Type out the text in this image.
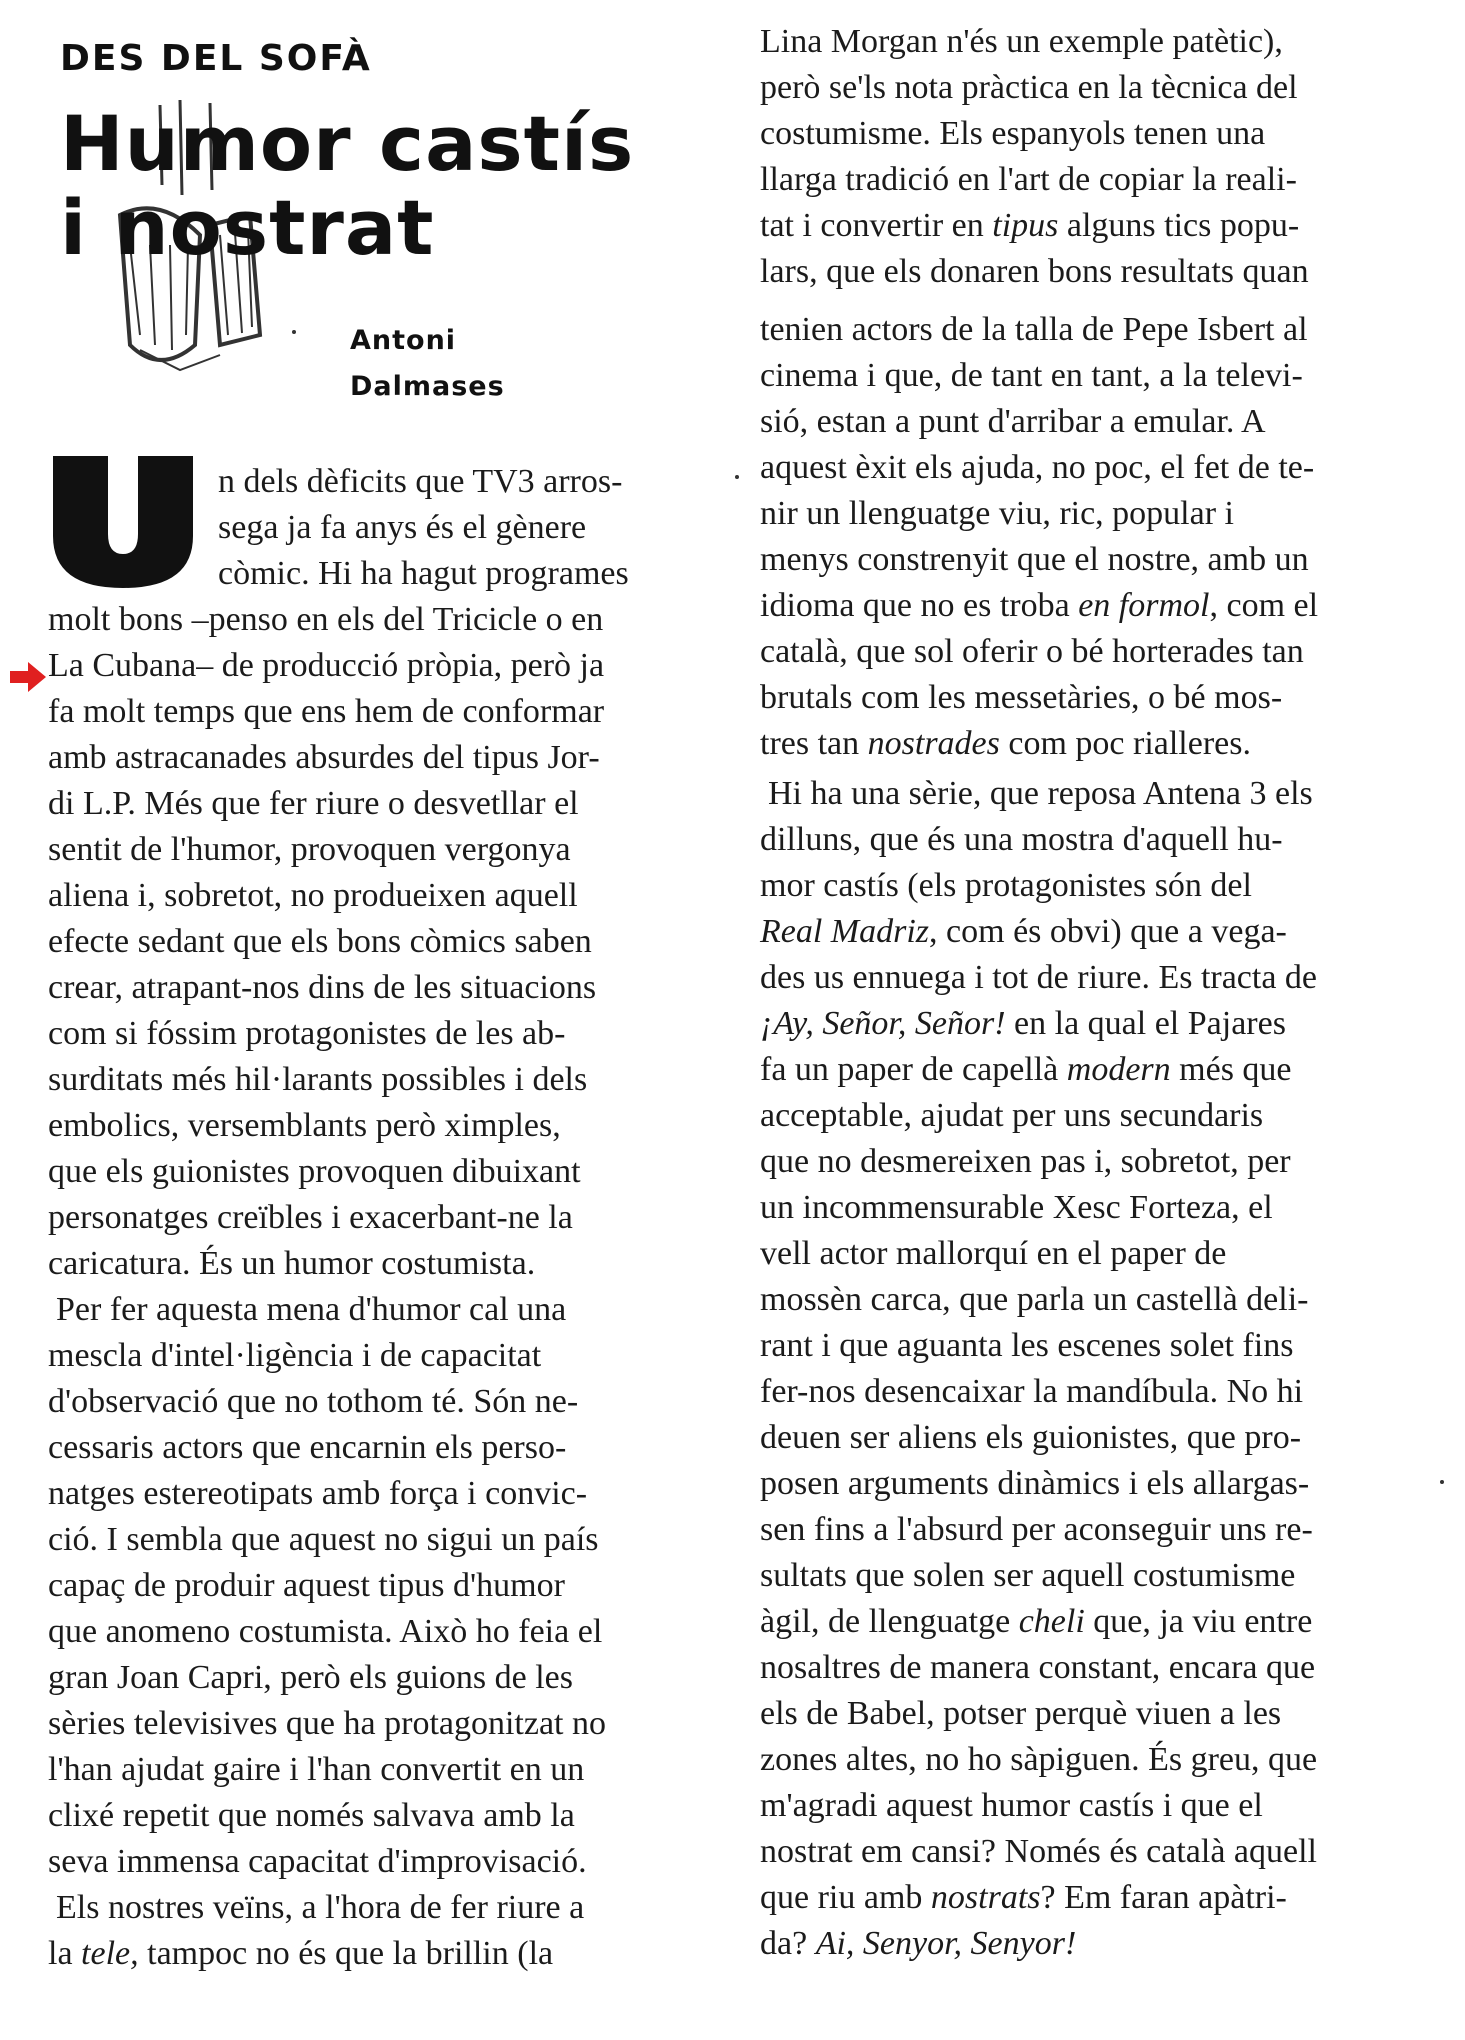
DES DEL SOFÀ
Humor castís
i nostrat
Antoni
Dalmases
n dels dèficits que TV3 arros-
sega ja fa anys és el gènere
còmic. Hi ha hagut programes
molt bons –penso en els del Tricicle o en
La Cubana– de producció pròpia, però ja
fa molt temps que ens hem de conformar
amb astracanades absurdes del tipus Jor-
di L.P. Més que fer riure o desvetllar el
sentit de l'humor, provoquen vergonya
aliena i, sobretot, no produeixen aquell
efecte sedant que els bons còmics saben
crear, atrapant-nos dins de les situacions
com si fóssim protagonistes de les ab-
surditats més hil·larants possibles i dels
embolics, versemblants però ximples,
que els guionistes provoquen dibuixant
personatges creïbles i exacerbant-ne la
caricatura. És un humor costumista.
Per fer aquesta mena d'humor cal una
mescla d'intel·ligència i de capacitat
d'observació que no tothom té. Són ne-
cessaris actors que encarnin els perso-
natges estereotipats amb força i convic-
ció. I sembla que aquest no sigui un país
capaç de produir aquest tipus d'humor
que anomeno costumista. Això ho feia el
gran Joan Capri, però els guions de les
sèries televisives que ha protagonitzat no
l'han ajudat gaire i l'han convertit en un
clixé repetit que només salvava amb la
seva immensa capacitat d'improvisació.
Els nostres veïns, a l'hora de fer riure a
la tele, tampoc no és que la brillin (la
Lina Morgan n'és un exemple patètic),
però se'ls nota pràctica en la tècnica del
costumisme. Els espanyols tenen una
llarga tradició en l'art de copiar la reali-
tat i convertir en tipus alguns tics popu-
lars, que els donaren bons resultats quan
tenien actors de la talla de Pepe Isbert al
cinema i que, de tant en tant, a la televi-
sió, estan a punt d'arribar a emular. A
aquest èxit els ajuda, no poc, el fet de te-
nir un llenguatge viu, ric, popular i
menys constrenyit que el nostre, amb un
idioma que no es troba en formol, com el
català, que sol oferir o bé horterades tan
brutals com les messetàries, o bé mos-
tres tan nostrades com poc rialleres.
Hi ha una sèrie, que reposa Antena 3 els
dilluns, que és una mostra d'aquell hu-
mor castís (els protagonistes són del
Real Madriz, com és obvi) que a vega-
des us ennuega i tot de riure. Es tracta de
¡Ay, Señor, Señor! en la qual el Pajares
fa un paper de capellà modern més que
acceptable, ajudat per uns secundaris
que no desmereixen pas i, sobretot, per
un incommensurable Xesc Forteza, el
vell actor mallorquí en el paper de
mossèn carca, que parla un castellà deli-
rant i que aguanta les escenes solet fins
fer-nos desencaixar la mandíbula. No hi
deuen ser aliens els guionistes, que pro-
posen arguments dinàmics i els allargas-
sen fins a l'absurd per aconseguir uns re-
sultats que solen ser aquell costumisme
àgil, de llenguatge cheli que, ja viu entre
nosaltres de manera constant, encara que
els de Babel, potser perquè viuen a les
zones altes, no ho sàpiguen. És greu, que
m'agradi aquest humor castís i que el
nostrat em cansi? Només és català aquell
que riu amb nostrats? Em faran apàtri-
da? Ai, Senyor, Senyor!
